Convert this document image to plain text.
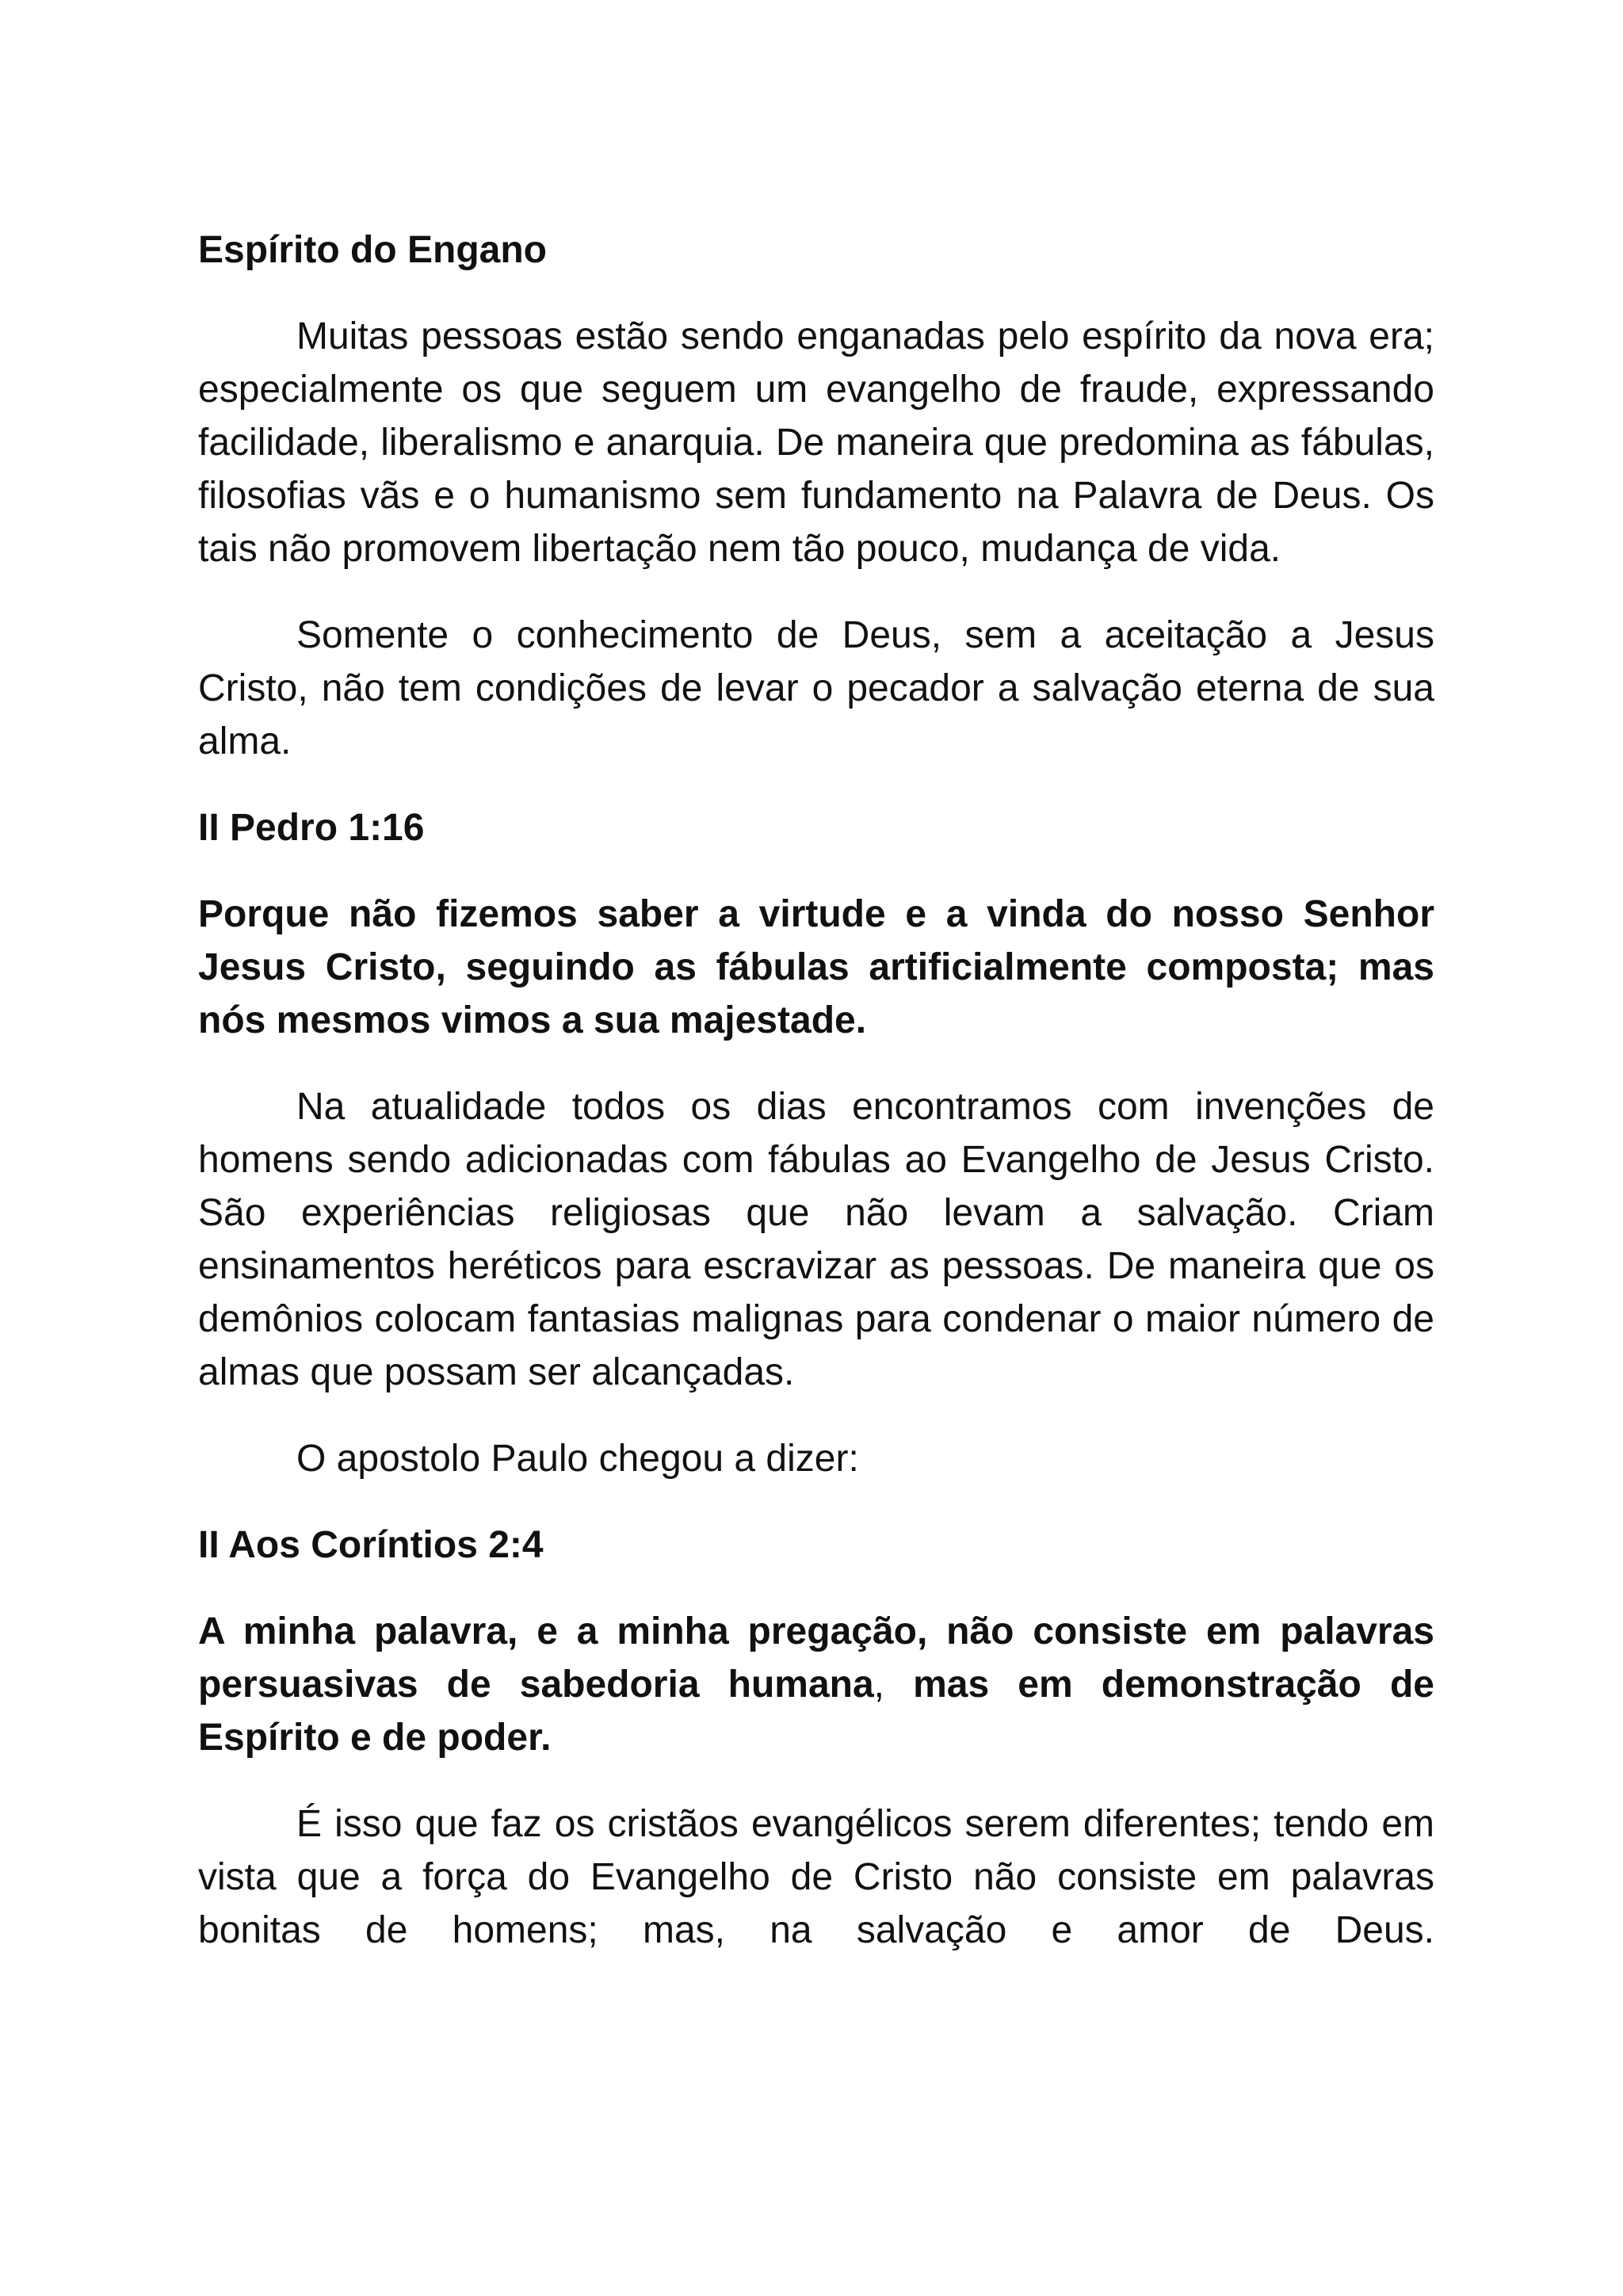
Espírito do Engano

Muitas pessoas estão sendo enganadas pelo espírito da nova era; especialmente os que seguem um evangelho de fraude, expressando facilidade, liberalismo e anarquia. De maneira que predomina as fábulas, filosofias vãs e o humanismo sem fundamento na Palavra de Deus. Os tais não promovem libertação nem tão pouco, mudança de vida.

Somente o conhecimento de Deus, sem a aceitação a Jesus Cristo, não tem condições de levar o pecador a salvação eterna de sua alma.

II Pedro 1:16

Porque não fizemos saber a virtude e a vinda do nosso Senhor Jesus Cristo, seguindo as fábulas artificialmente composta; mas nós mesmos vimos a sua majestade.

Na atualidade todos os dias encontramos com invenções de homens sendo adicionadas com fábulas ao Evangelho de Jesus Cristo. São experiências religiosas que não levam a salvação. Criam ensinamentos heréticos para escravizar as pessoas. De maneira que os demônios colocam fantasias malignas para condenar o maior número de almas que possam ser alcançadas.

O apostolo Paulo chegou a dizer:

II Aos Coríntios 2:4

A minha palavra, e a minha pregação, não consiste em palavras persuasivas de sabedoria humana, mas em demonstração de Espírito e de poder.

É isso que faz os cristãos evangélicos serem diferentes; tendo em vista que a força do Evangelho de Cristo não consiste em palavras bonitas de homens; mas, na salvação e amor de Deus.
